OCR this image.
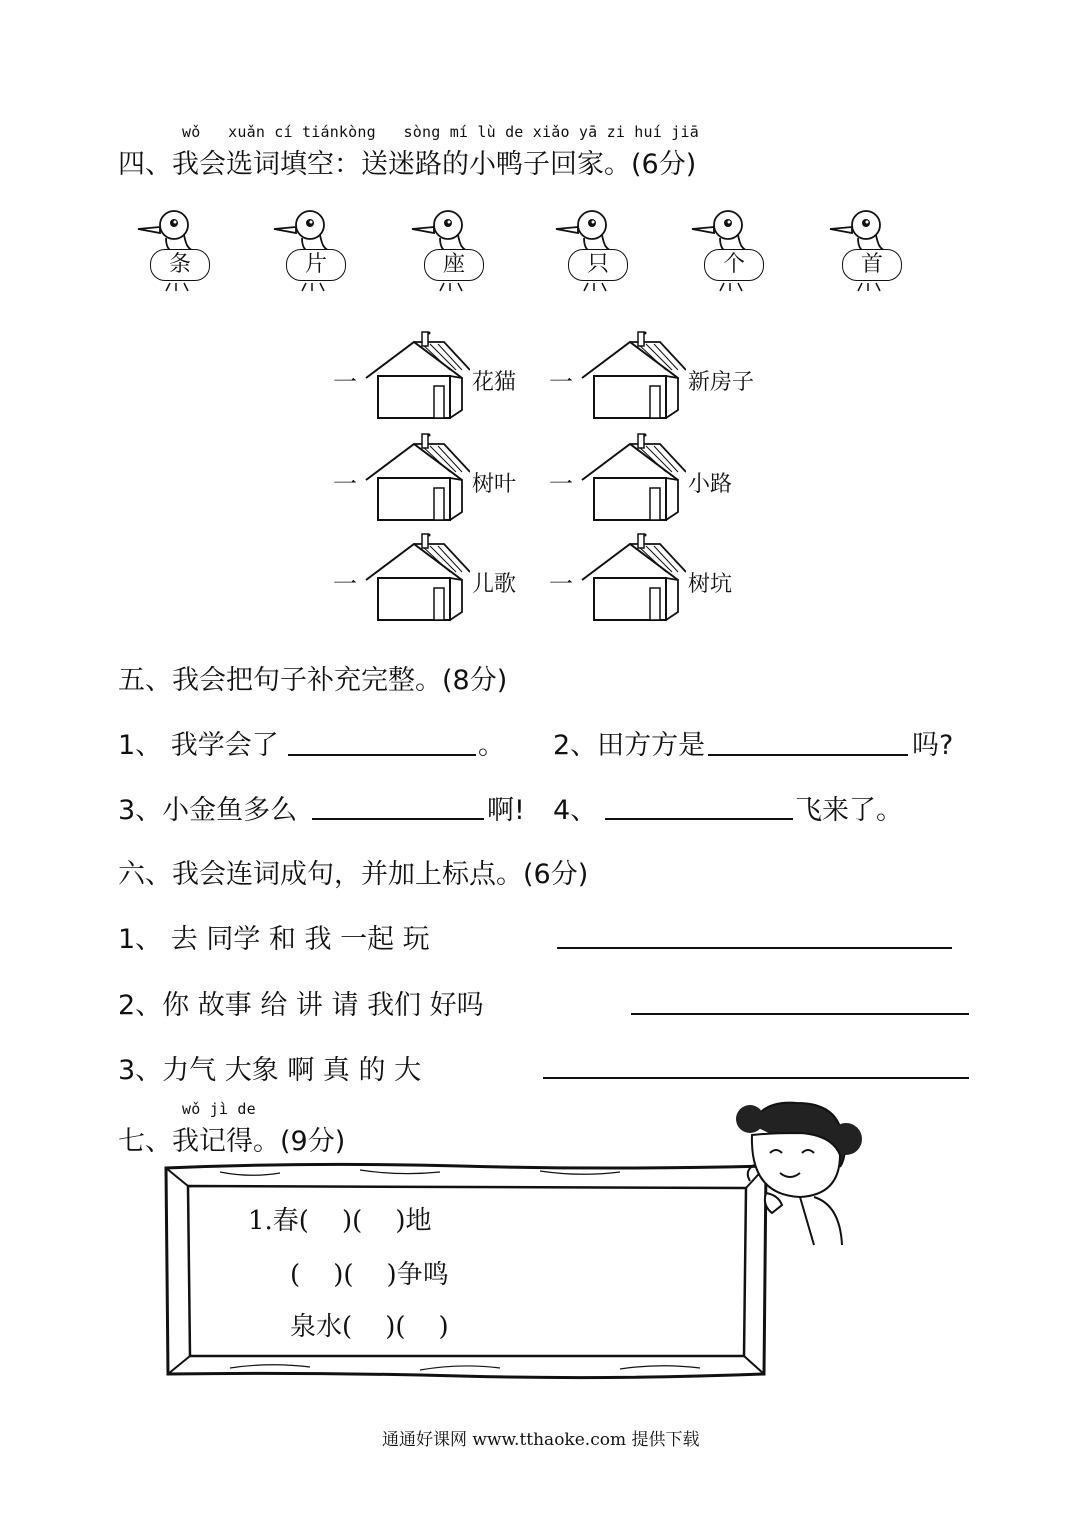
wǒ   xuǎn cí tiánkòng   sòng mí lù de xiǎo yā zi huí jiā
四、我会选词填空：送迷路的小鸭子回家。(6分)
条	片	座	只	个	首
一	花猫 一	新房子
一	树叶 一	小路
一	儿歌 一	树坑
五、我会把句子补充完整。(8分)
1、 我学会了	。 2、田方方是	吗?
3、小金鱼多么	啊! 4、	飞来了。
六、我会连词成句，并加上标点。(6分)
1、 去 同学 和 我 一起 玩
2、你 故事 给 讲 请 我们 好吗
3、力气 大象 啊 真 的 大
wǒ jì de
七、我记得。(9分)
1.春(    )(    )地
(    )(    )争鸣
泉水(    )(    )
通通好课网 www.tthaoke.com 提供下载
